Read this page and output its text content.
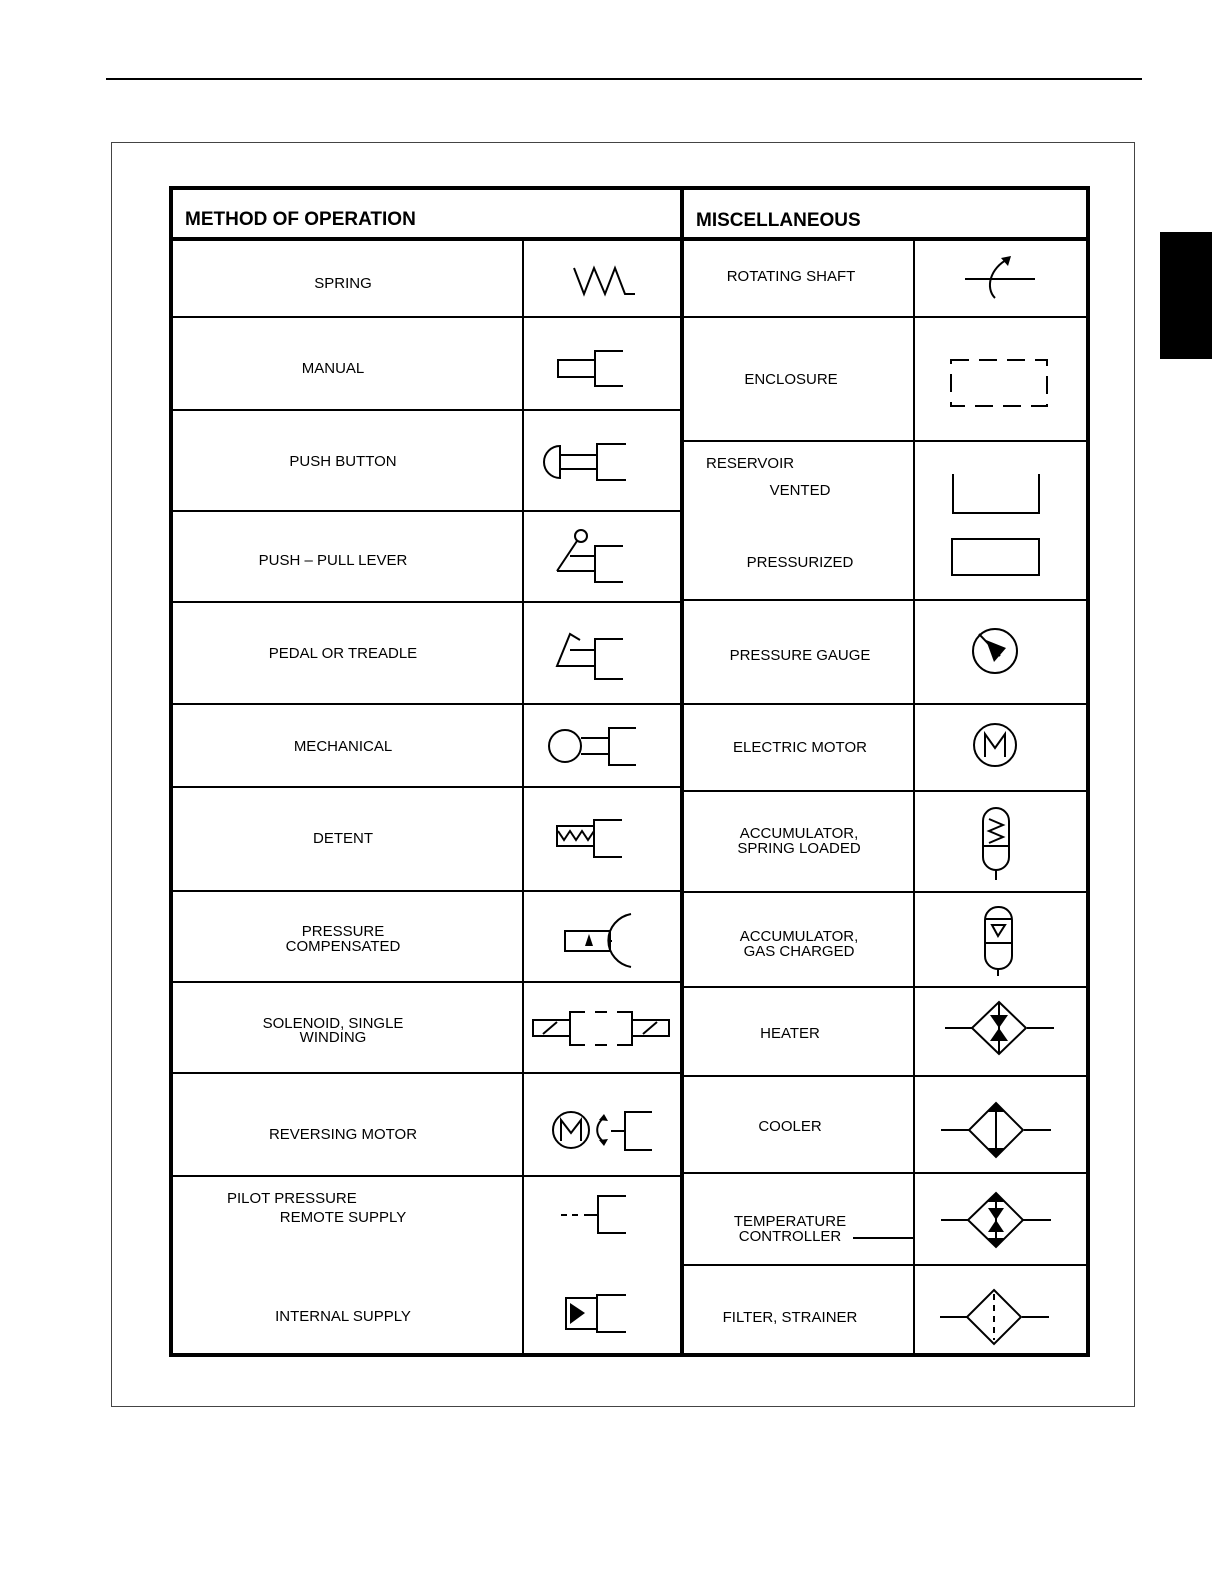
METHOD OF OPERATION	MISCELLANEOUS
SPRING
MANUAL
PUSH BUTTON
PUSH – PULL LEVER
PEDAL OR TREADLE
MECHANICAL
DETENT
PRESSURE
COMPENSATED
SOLENOID, SINGLE
WINDING
REVERSING MOTOR
PILOT PRESSURE
REMOTE SUPPLY
INTERNAL SUPPLY
ROTATING SHAFT
ENCLOSURE
RESERVOIR
VENTED
PRESSURIZED
PRESSURE GAUGE
ELECTRIC MOTOR
ACCUMULATOR,
SPRING LOADED
ACCUMULATOR,
GAS CHARGED
HEATER
COOLER
TEMPERATURE
CONTROLLER
FILTER, STRAINER
